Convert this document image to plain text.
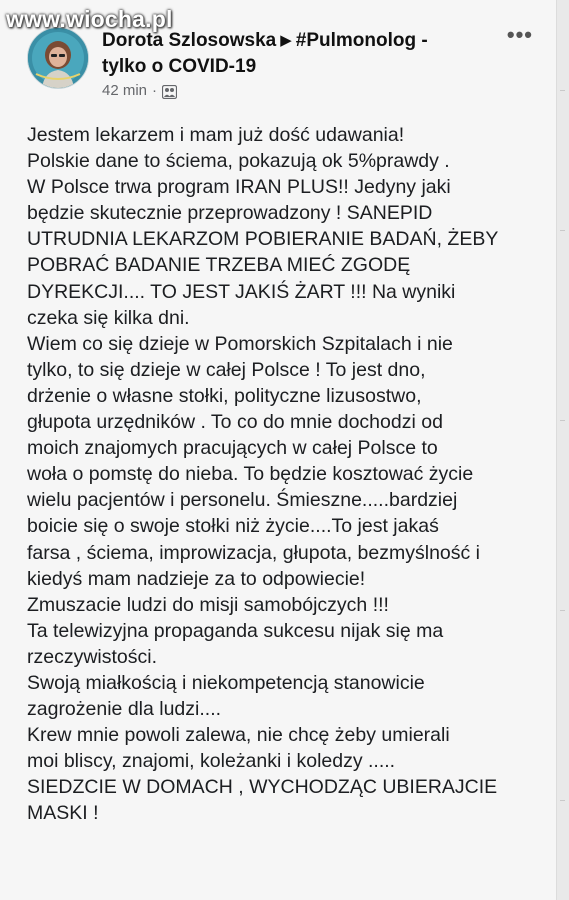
www.wiocha.pl
Dorota Szlosowska ▶ #Pulmonolog -
tylko o COVID-19
42 min ·
•••
Jestem lekarzem i mam już dość udawania!
Polskie dane to ściema, pokazują ok 5%prawdy .
W Polsce trwa program IRAN PLUS!! Jedyny jaki
będzie skutecznie przeprowadzony ! SANEPID
UTRUDNIA LEKARZOM POBIERANIE BADAŃ, ŻEBY
POBRAĆ BADANIE TRZEBA MIEĆ ZGODĘ
DYREKCJI.... TO JEST JAKIŚ ŻART !!! Na wyniki
czeka się kilka dni.
Wiem co się dzieje w Pomorskich Szpitalach i nie
tylko, to się dzieje w całej Polsce ! To jest dno,
drżenie o własne stołki, polityczne lizusostwo,
głupota urzędników . To co do mnie dochodzi od
moich znajomych pracujących w całej Polsce to
woła o pomstę do nieba. To będzie kosztować życie
wielu pacjentów i personelu. Śmieszne.....bardziej
boicie się o swoje stołki niż życie....To jest jakaś
farsa , ściema, improwizacja, głupota, bezmyślność i
kiedyś mam nadzieje za to odpowiecie!
Zmuszacie ludzi do misji samobójczych !!!
Ta telewizyjna propaganda sukcesu nijak się ma
rzeczywistości.
Swoją miałkością i niekompetencją stanowicie
zagrożenie dla ludzi....
Krew mnie powoli zalewa, nie chcę żeby umierali
moi bliscy, znajomi, koleżanki i koledzy .....
SIEDZCIE W DOMACH , WYCHODZĄC UBIERAJCIE
MASKI !
